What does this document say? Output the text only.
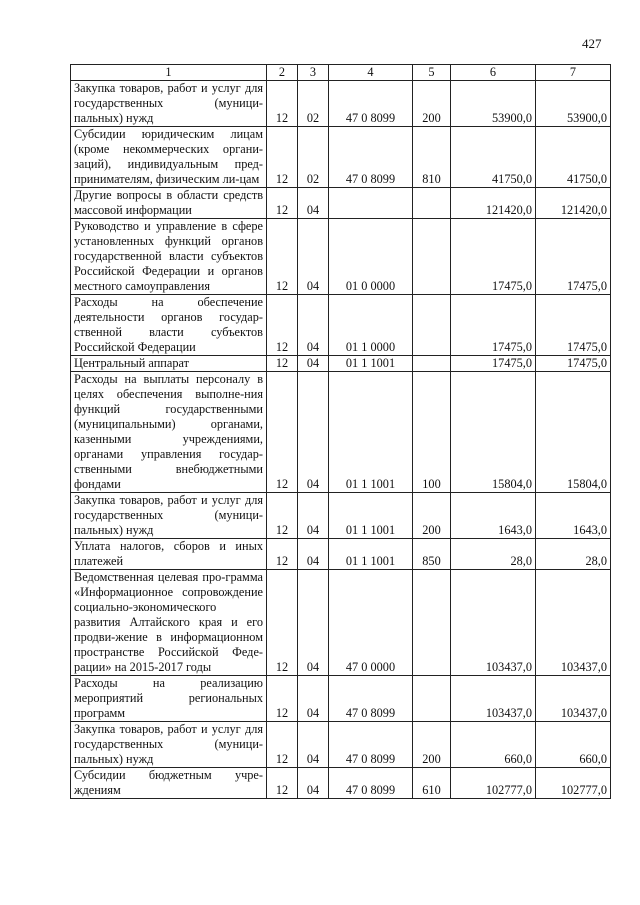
427
1	2	3	4	5	6	7
Закупка товаров, работ и услуг для государственных (муници-пальных) нужд	12	02	47 0 8099	200	53900,0	53900,0
Субсидии юридическим лицам (кроме некоммерческих органи-заций), индивидуальным пред-принимателям, физическим ли-цам	12	02	47 0 8099	810	41750,0	41750,0
Другие вопросы в области средств массовой информации	12	04			121420,0	121420,0
Руководство и управление в сфере установленных функций органов государственной власти субъектов Российской Федерации и органов местного самоуправления	12	04	01 0 0000		17475,0	17475,0
Расходы на обеспечение деятельности органов государ-ственной власти субъектов Российской Федерации	12	04	01 1 0000		17475,0	17475,0
Центральный аппарат	12	04	01 1 1001		17475,0	17475,0
Расходы на выплаты персоналу в целях обеспечения выполне-ния функций государственными (муниципальными) органами, казенными учреждениями, органами управления государ-ственными внебюджетными фондами	12	04	01 1 1001	100	15804,0	15804,0
Закупка товаров, работ и услуг для государственных (муници-пальных) нужд	12	04	01 1 1001	200	1643,0	1643,0
Уплата налогов, сборов и иных платежей	12	04	01 1 1001	850	28,0	28,0
Ведомственная целевая про-грамма «Информационное сопровождение социально-экономического развития Алтайского края и его продви-жение в информационном пространстве Российской Феде-рации» на 2015-2017 годы	12	04	47 0 0000		103437,0	103437,0
Расходы на реализацию мероприятий региональных программ	12	04	47 0 8099		103437,0	103437,0
Закупка товаров, работ и услуг для государственных (муници-пальных) нужд	12	04	47 0 8099	200	660,0	660,0
Субсидии бюджетным учре-ждениям	12	04	47 0 8099	610	102777,0	102777,0
